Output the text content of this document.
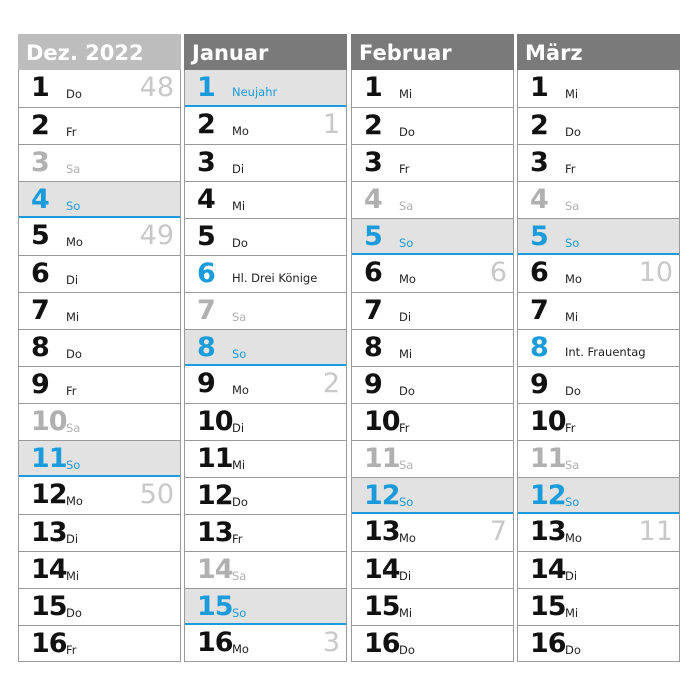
Dez. 2022
1 Do 48
2 Fr
3 Sa
4 So
5 Mo 49
6 Di
7 Mi
8 Do
9 Fr
10 Sa
11 So
12 Mo 50
13 Di
14 Mi
15 Do
16 Fr
Januar
1 Neujahr
2 Mo	1
3 Di
4 Mi
5 Do
6 Hl. Drei Könige
7 Sa
8 So
9 Mo	2
10 Di
11 Mi
12 Do
13 Fr
14 Sa
15 So
16 Mo	3
Februar
1 Mi
2 Do
3 Fr
4 Sa
5 So
6 Mo	6
7 Di
8 Mi
9 Do
10 Fr
11 Sa
12 So
13 Mo	7
14 Di
15 Mi
16 Do
März
1 Mi
2 Do
3 Fr
4 Sa
5 So
6 Mo 10
7 Mi
8 Int. Frauentag
9 Do
10 Fr
11 Sa
12 So
13 Mo 11
14 Di
15 Mi
16 Do
